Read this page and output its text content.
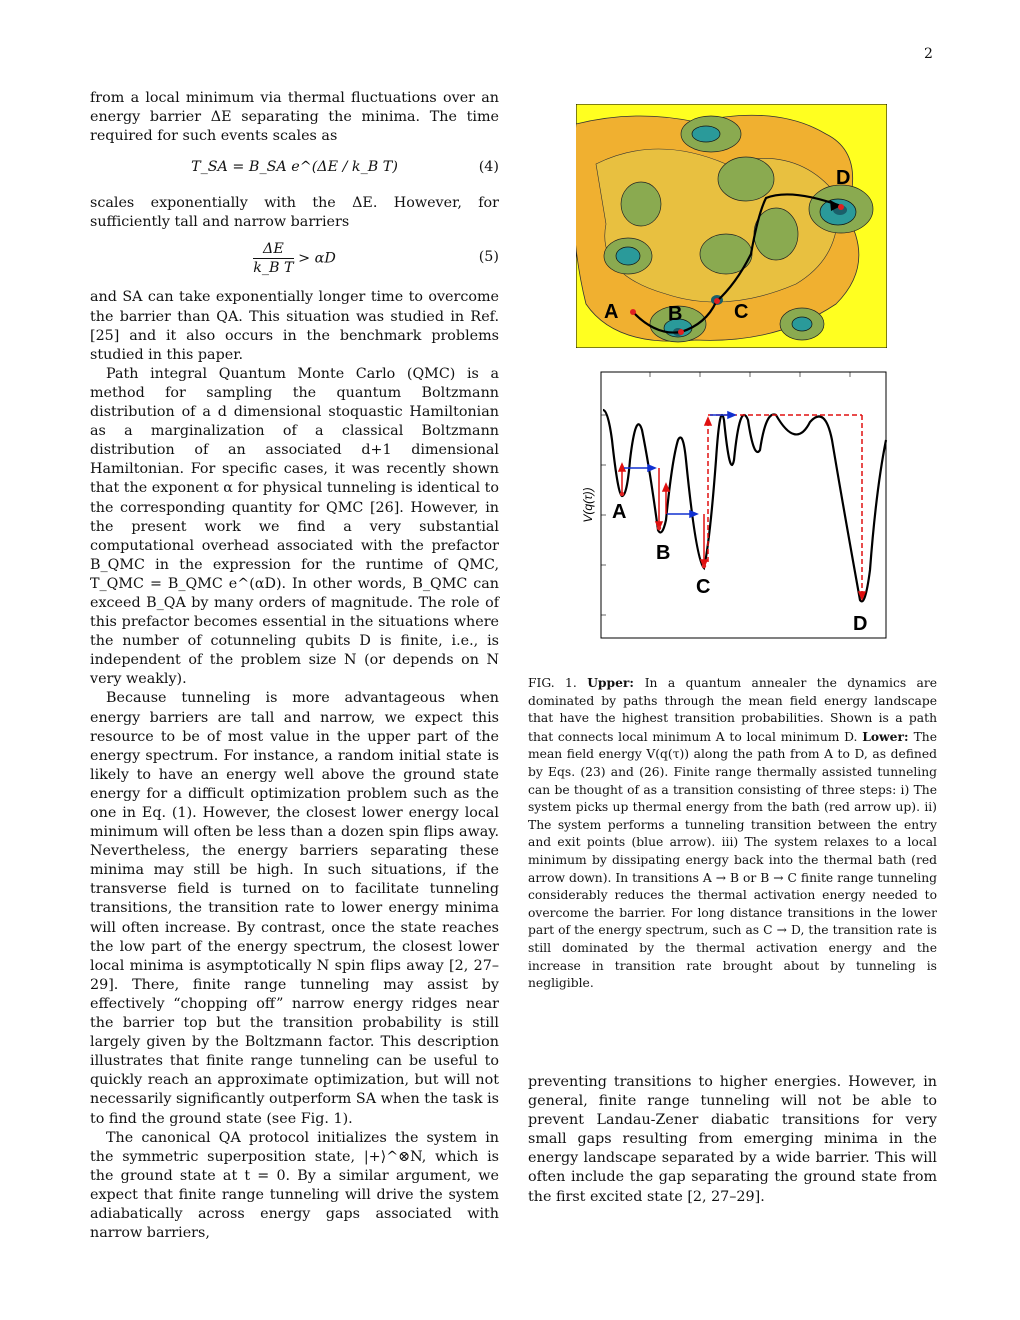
2

from a local minimum via thermal fluctuations over an energy barrier ΔE separating the minima. The time required for such events scales as

T_SA = B_SA e^(ΔE / k_B T)	(4)

scales exponentially with the ΔE. However, for sufficiently tall and narrow barriers

$\frac{\Delta E}{\text{k\_B T}} > \alpha D$	(5)

and SA can take exponentially longer time to overcome the barrier than QA. This situation was studied in Ref. [25] and it also occurs in the benchmark problems studied in this paper.

Path integral Quantum Monte Carlo (QMC) is a method for sampling the quantum Boltzmann distribution of a d dimensional stoquastic Hamiltonian as a marginalization of a classical Boltzmann distribution of an associated d+1 dimensional Hamiltonian. For specific cases, it was recently shown that the exponent α for physical tunneling is identical to the corresponding quantity for QMC [26]. However, in the present work we find a very substantial computational overhead associated with the prefactor B_QMC in the expression for the runtime of QMC, T_QMC = B_QMC e^(αD). In other words, B_QMC can exceed B_QA by many orders of magnitude. The role of this prefactor becomes essential in the situations where the number of cotunneling qubits D is finite, i.e., is independent of the problem size N (or depends on N very weakly).

Because tunneling is more advantageous when energy barriers are tall and narrow, we expect this resource to be of most value in the upper part of the energy spectrum. For instance, a random initial state is likely to have an energy well above the ground state energy for a difficult optimization problem such as the one in Eq. (1). However, the closest lower energy local minimum will often be less than a dozen spin flips away. Nevertheless, the energy barriers separating these minima may still be high. In such situations, if the transverse field is turned on to facilitate tunneling transitions, the transition rate to lower energy minima will often increase. By contrast, once the state reaches the low part of the energy spectrum, the closest lower local minima is asymptotically N spin flips away [2, 27–29]. There, finite range tunneling may assist by effectively “chopping off” narrow energy ridges near the barrier top but the transition probability is still largely given by the Boltzmann factor. This description illustrates that finite range tunneling can be useful to quickly reach an approximate optimization, but will not necessarily significantly outperform SA when the task is to find the ground state (see Fig. 1).

The canonical QA protocol initializes the system in the symmetric superposition state, |+⟩^⊗N, which is the ground state at t = 0. By a similar argument, we expect that finite range tunneling will drive the system adiabatically across energy gaps associated with narrow barriers,

A B	C
D
V(q(τ)) A
B
C
D
FIG. 1. Upper: In a quantum annealer the dynamics are dominated by paths through the mean field energy landscape that have the highest transition probabilities. Shown is a path that connects local minimum A to local minimum D. Lower: The mean field energy V(q(τ)) along the path from A to D, as defined by Eqs. (23) and (26). Finite range thermally assisted tunneling can be thought of as a transition consisting of three steps: i) The system picks up thermal energy from the bath (red arrow up). ii) The system performs a tunneling transition between the entry and exit points (blue arrow). iii) The system relaxes to a local minimum by dissipating energy back into the thermal bath (red arrow down). In transitions A → B or B → C finite range tunneling considerably reduces the thermal activation energy needed to overcome the barrier. For long distance transitions in the lower part of the energy spectrum, such as C → D, the transition rate is still dominated by the thermal activation energy and the increase in transition rate brought about by tunneling is negligible.

preventing transitions to higher energies. However, in general, finite range tunneling will not be able to prevent Landau-Zener diabatic transitions for very small gaps resulting from emerging minima in the energy landscape separated by a wide barrier. This will often include the gap separating the ground state from the first excited state [2, 27–29].
